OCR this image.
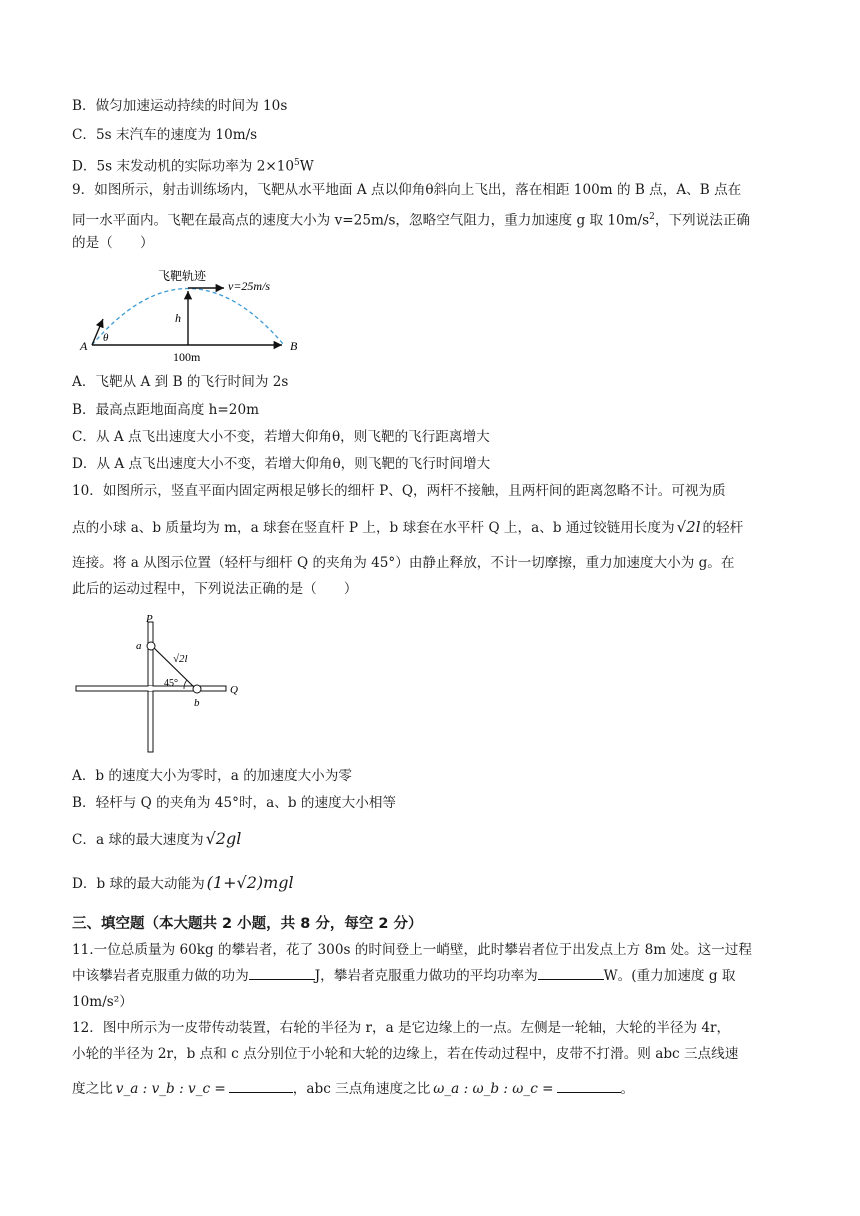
B．做匀加速运动持续的时间为 10s
C．5s 末汽车的速度为 10m/s
D．5s 末发动机的实际功率为 $2\times 10^5W$
9．如图所示，射击训练场内，飞靶从水平地面 A 点以仰角θ斜向上飞出，落在相距 100m 的 B 点，A、B 点在
同一水平面内。飞靶在最高点的速度大小为 v=25m/s，忽略空气阻力，重力加速度 g 取 $10m/s^2$，下列说法正确
的是（　　）
飞靶轨迹
v=25m/s
h
θ
A	B
100m
A．飞靶从 A 到 B 的飞行时间为 2s
B．最高点距地面高度 h=20m
C．从 A 点飞出速度大小不变，若增大仰角θ，则飞靶的飞行距离增大
D．从 A 点飞出速度大小不变，若增大仰角θ，则飞靶的飞行时间增大
10．如图所示，竖直平面内固定两根足够长的细杆 P、Q，两杆不接触，且两杆间的距离忽略不计。可视为质
点的小球 a、b 质量均为 m，a 球套在竖直杆 P 上，b 球套在水平杆 Q 上，a、b 通过铰链用长度为 √2l 的轻杆
连接。将 a 从图示位置（轻杆与细杆 Q 的夹角为 45°）由静止释放，不计一切摩擦，重力加速度大小为 g。在
此后的运动过程中，下列说法正确的是（　　）
P
Q
a
b
√2l
45°
A．b 的速度大小为零时，a 的加速度大小为零
B．轻杆与 Q 的夹角为 45°时，a、b 的速度大小相等
C．a 球的最大速度为 √2gl
D．b 球的最大动能为 (1+√2)mgl
三、填空题（本大题共 2 小题，共 8 分，每空 2 分）
11.一位总质量为 60kg 的攀岩者，花了 300s 的时间登上一峭壁，此时攀岩者位于出发点上方 8m 处。这一过程
中该攀岩者克服重力做的功为	J，攀岩者克服重力做功的平均功率为	W。(重力加速度 g 取
10m/s²）
12．图中所示为一皮带传动装置，右轮的半径为 r，a 是它边缘上的一点。左侧是一轮轴，大轮的半径为 4r，
小轮的半径为 2r，b 点和 c 点分别位于小轮和大轮的边缘上，若在传动过程中，皮带不打滑。则 abc 三点线速
度之比 v_a : v_b : v_c =	，abc 三点角速度之比 ω_a : ω_b : ω_c =	。
